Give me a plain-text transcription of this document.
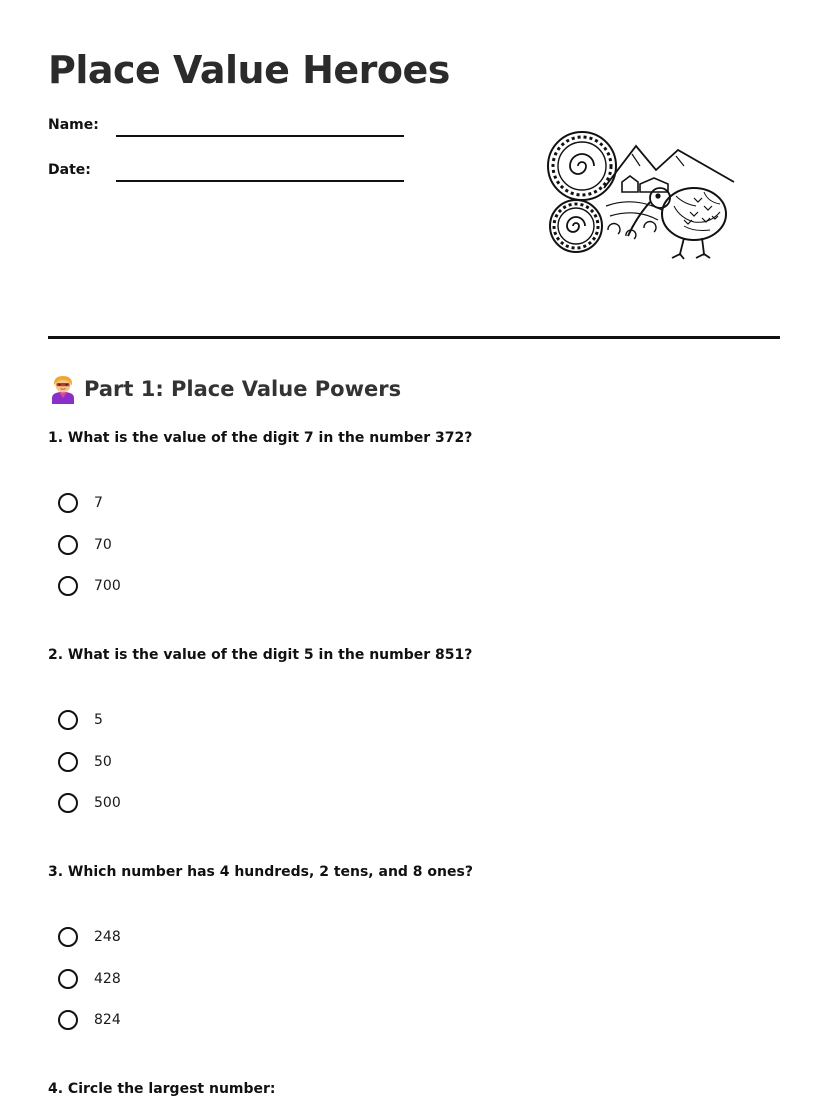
Place Value Heroes
Name:
Date:
Part 1: Place Value Powers
1. What is the value of the digit 7 in the number 372?
7
70
700
2. What is the value of the digit 5 in the number 851?
5
50
500
3. Which number has 4 hundreds, 2 tens, and 8 ones?
248
428
824
4. Circle the largest number:
